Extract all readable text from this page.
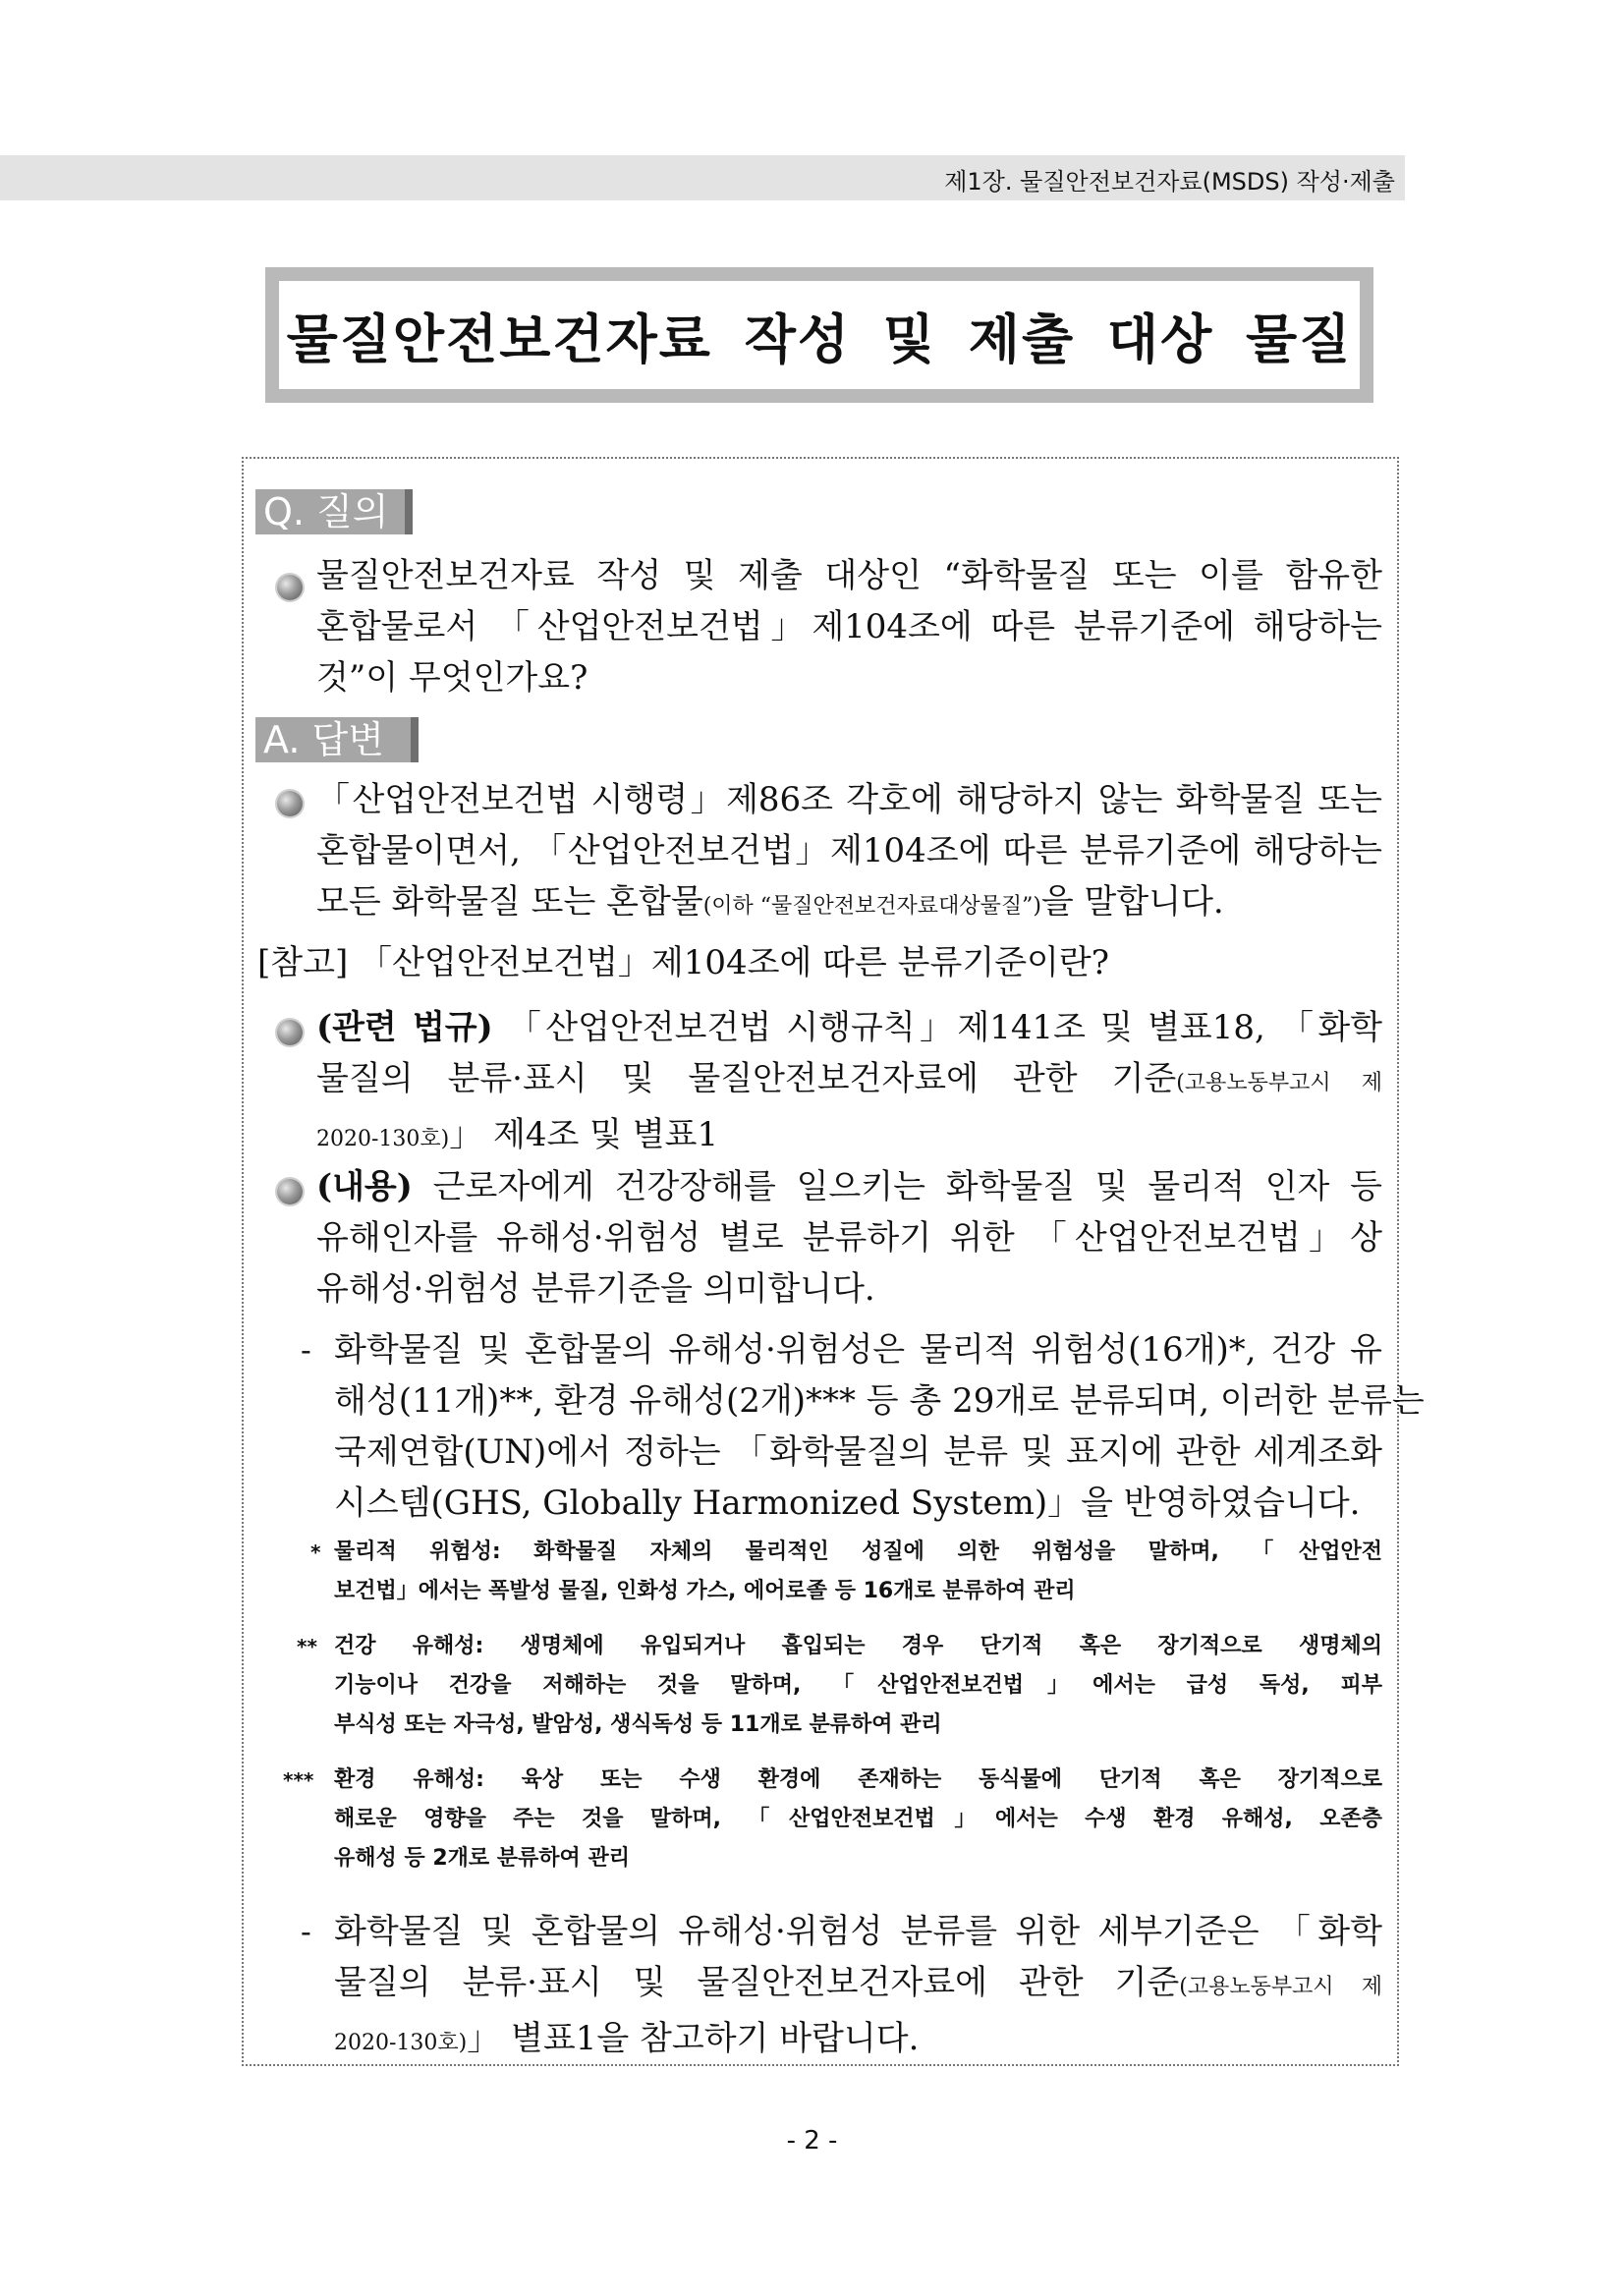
제1장. 물질안전보건자료(MSDS) 작성·제출
물질안전보건자료 작성 및 제출 대상 물질
Q. 질의
물질안전보건자료 작성 및 제출 대상인 “화학물질 또는 이를 함유한
혼합물로서 「산업안전보건법」제104조에 따른 분류기준에 해당하는
것”이 무엇인가요?
A. 답변
「산업안전보건법 시행령」제86조 각호에 해당하지 않는 화학물질 또는
혼합물이면서, 「산업안전보건법」제104조에 따른 분류기준에 해당하는
모든 화학물질 또는 혼합물(이하 “물질안전보건자료대상물질”)을 말합니다.
[참고] 「산업안전보건법」제104조에 따른 분류기준이란?
(관련 법규) 「산업안전보건법 시행규칙」제141조 및 별표18, 「화학
물질의 분류·표시 및 물질안전보건자료에 관한 기준(고용노동부고시 제
2020-130호)」 제4조 및 별표1
(내용) 근로자에게 건강장해를 일으키는 화학물질 및 물리적 인자 등
유해인자를 유해성·위험성 별로 분류하기 위한 「산업안전보건법」상
유해성·위험성 분류기준을 의미합니다.
- 화학물질 및 혼합물의 유해성·위험성은 물리적 위험성(16개)*, 건강 유
해성(11개)**, 환경 유해성(2개)*** 등 총 29개로 분류되며, 이러한 분류는
국제연합(UN)에서 정하는 「화학물질의 분류 및 표지에 관한 세계조화
시스템(GHS, Globally Harmonized System)」을 반영하였습니다.
* 물리적 위험성: 화학물질 자체의 물리적인 성질에 의한 위험성을 말하며, 「산업안전
보건법」에서는 폭발성 물질, 인화성 가스, 에어로졸 등 16개로 분류하여 관리
** 건강 유해성: 생명체에 유입되거나 흡입되는 경우 단기적 혹은 장기적으로 생명체의
기능이나 건강을 저해하는 것을 말하며, 「산업안전보건법」에서는 급성 독성, 피부
부식성 또는 자극성, 발암성, 생식독성 등 11개로 분류하여 관리
*** 환경 유해성: 육상 또는 수생 환경에 존재하는 동식물에 단기적 혹은 장기적으로
해로운 영향을 주는 것을 말하며, 「산업안전보건법」에서는 수생 환경 유해성, 오존층
유해성 등 2개로 분류하여 관리
- 화학물질 및 혼합물의 유해성·위험성 분류를 위한 세부기준은 「화학
물질의 분류·표시 및 물질안전보건자료에 관한 기준(고용노동부고시 제
2020-130호)」 별표1을 참고하기 바랍니다.
- 2 -
